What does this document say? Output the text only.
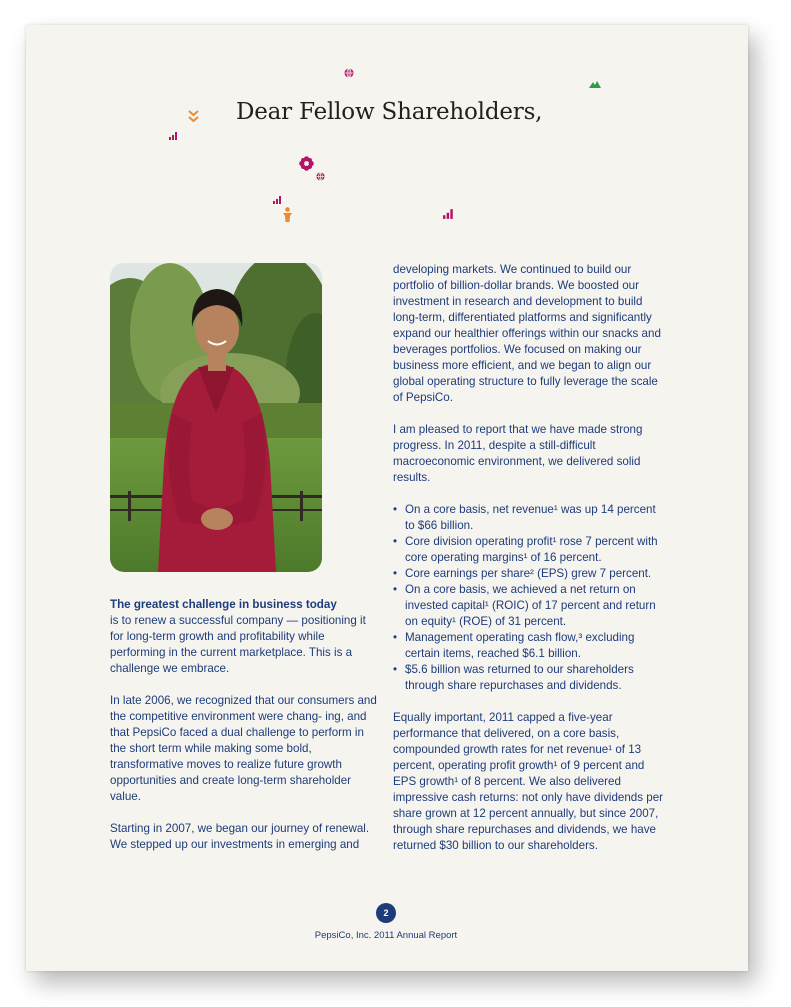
Dear Fellow Shareholders,

The greatest challenge in business today
is to renew a successful company — positioning it for long-term growth and profitability while performing in the current marketplace. This is a challenge we embrace.

In late 2006, we recognized that our consumers and the competitive environment were chang- ing, and that PepsiCo faced a dual challenge to perform in the short term while making some bold, transformative moves to realize future growth opportunities and create long-term shareholder value.

Starting in 2007, we began our journey of renewal. We stepped up our investments in emerging and

developing markets. We continued to build our portfolio of billion-dollar brands. We boosted our investment in research and development to build long-term, differentiated platforms and significantly expand our healthier offerings within our snacks and beverages portfolios. We focused on making our business more efficient, and we began to align our global operating structure to fully leverage the scale of PepsiCo.

I am pleased to report that we have made strong progress. In 2011, despite a still-difficult macroeconomic environment, we delivered solid results.

• On a core basis, net revenue¹ was up 14 percent to $66 billion.
• Core division operating profit¹ rose 7 percent with core operating margins¹ of 16 percent.
• Core earnings per share² (EPS) grew 7 percent.
• On a core basis, we achieved a net return on invested capital¹ (ROIC) of 17 percent and return on equity¹ (ROE) of 31 percent.
• Management operating cash flow,³ excluding certain items, reached $6.1 billion.
• $5.6 billion was returned to our shareholders through share repurchases and dividends.

Equally important, 2011 capped a five-year performance that delivered, on a core basis, compounded growth rates for net revenue¹ of 13 percent, operating profit growth¹ of 9 percent and EPS growth¹ of 8 percent. We also delivered impressive cash returns: not only have dividends per share grown at 12 percent annually, but since 2007, through share repurchases and dividends, we have returned $30 billion to our shareholders.

2
PepsiCo, Inc. 2011 Annual Report
